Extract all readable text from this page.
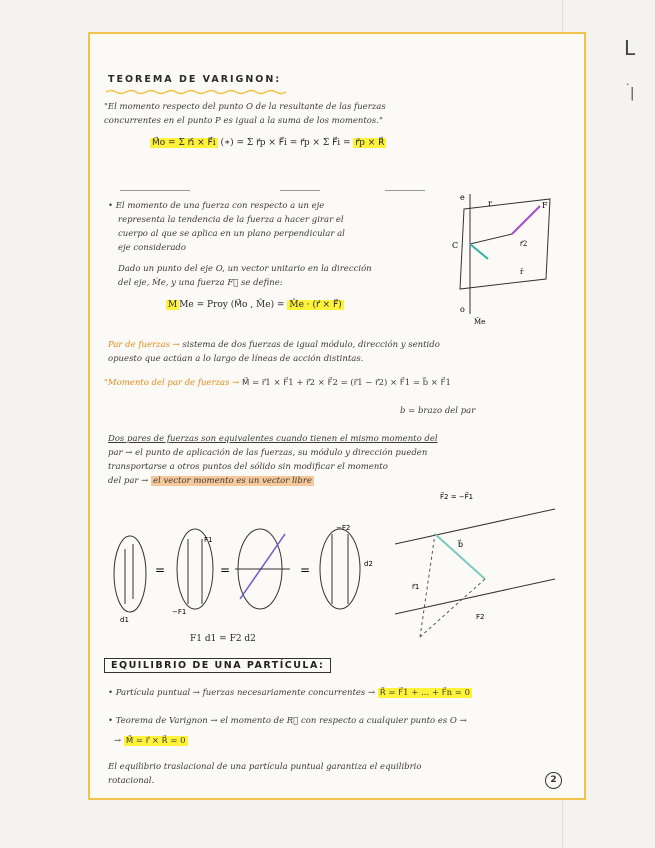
L
·
|
TEOREMA DE VARIGNON:
"El momento respecto del punto O de la resultante de las fuerzas
concurrentes en el punto P es igual a la suma de los momentos."
M⃗o = Σ r⃗i × F⃗i (∗) = Σ r⃗p × F⃗i = r⃗p × Σ F⃗i = r⃗p × R⃗
• El momento de una fuerza con respecto a un eje
representa la tendencia de la fuerza a hacer girar el
cuerpo al que se aplica en un plano perpendicular al
eje considerado
Dado un punto del eje O, un vector unitario en la dirección
del eje, M̂e, y una fuerza F⃗ se define:
M Me = Proy (M⃗o , M̂e) = M̂e · (r⃗ × F⃗)
e
C	r⃗2
F
r
o
M̂e
r̄
Par de fuerzas → sistema de dos fuerzas de igual módulo, dirección y sentido
opuesto que actúan a lo largo de líneas de acción distintas.
"Momento del par de fuerzas → M⃗ = r⃗1 × F⃗1 + r⃗2 × F⃗2 = (r⃗1 − r⃗2) × F⃗1 = b⃗ × F⃗1
b = brazo del par
Dos pares de fuerzas son equivalentes cuando tienen el mismo momento del
par → el punto de aplicación de las fuerzas, su módulo y dirección pueden
transportarse a otros puntos del sólido sin modificar el momento
del par → el vector momento es un vector libre
=	=	=
F1
−F1
d1
d2
−F2
F1 d1 = F2 d2
F⃗2 = −F⃗1
b⃗
r⃗1
F2
EQUILIBRIO DE UNA PARTÍCULA:
• Partícula puntual → fuerzas necesariamente concurrentes → R⃗ = F⃗1 + ... + F⃗n = 0
• Teorema de Varignon → el momento de R⃗ con respecto a cualquier punto es O →
→ M⃗ = r⃗ × R⃗ = 0
El equilibrio traslacional de una partícula puntual garantiza el equilibrio
rotacional.	2
